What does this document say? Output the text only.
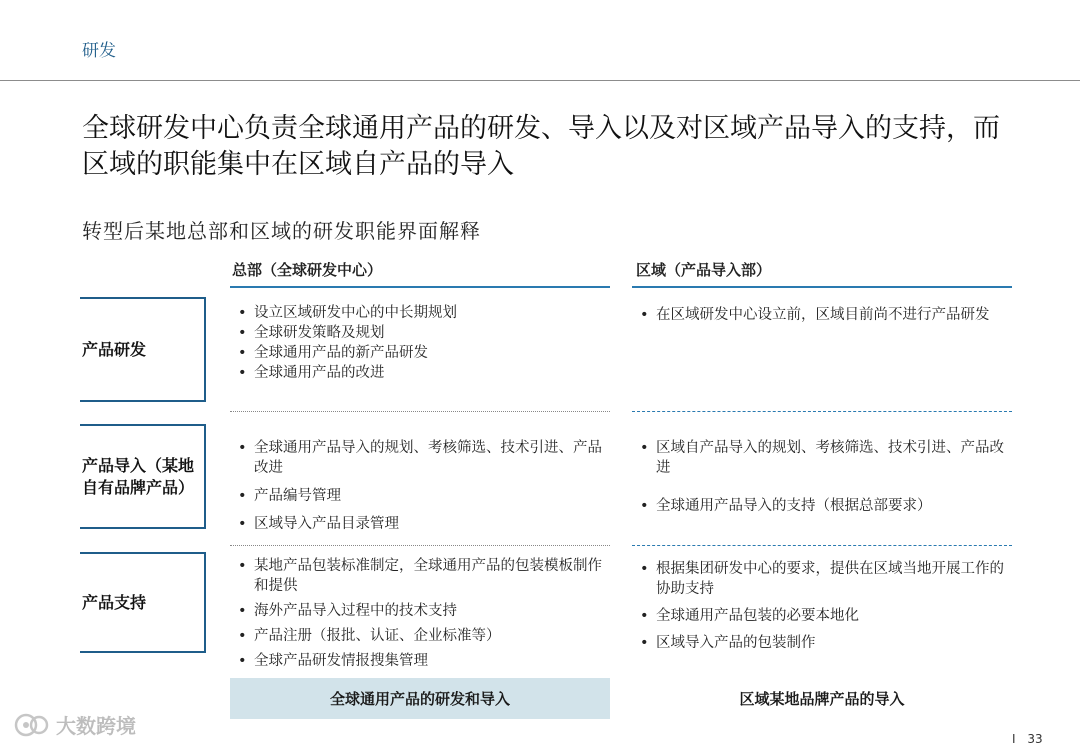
研发
全球研发中心负责全球通用产品的研发、导入以及对区域产品导入的支持，而区域的职能集中在区域自产品的导入
转型后某地总部和区域的研发职能界面解释
总部（全球研发中心）	区域（产品导入部）
产品研发
• 设立区域研发中心的中长期规划
• 全球研发策略及规划
• 全球通用产品的新产品研发
• 全球通用产品的改进
• 在区域研发中心设立前，区域目前尚不进行产品研发
产品导入（某地自有品牌产品）
• 全球通用产品导入的规划、考核筛选、技术引进、产品改进
• 产品编号管理
• 区域导入产品目录管理
• 区域自产品导入的规划、考核筛选、技术引进、产品改进
• 全球通用产品导入的支持（根据总部要求）
产品支持
• 某地产品包装标准制定，全球通用产品的包装模板制作和提供
• 海外产品导入过程中的技术支持
• 产品注册（报批、认证、企业标准等）
• 全球产品研发情报搜集管理
• 根据集团研发中心的要求，提供在区域当地开展工作的协助支持
• 全球通用产品包装的必要本地化
• 区域导入产品的包装制作
全球通用产品的研发和导入	区域某地品牌产品的导入
大数跨境
I 33
